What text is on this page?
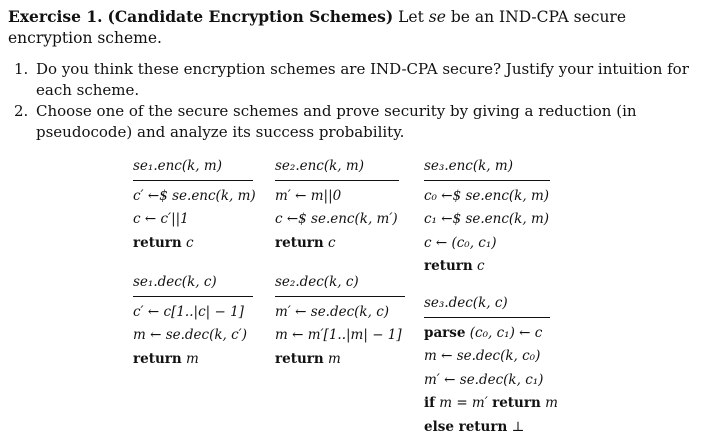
Exercise 1. (Candidate Encryption Schemes) Let se be an IND-CPA secure encryption scheme.
1. Do you think these encryption schemes are IND-CPA secure? Justify your intuition for each scheme.
2. Choose one of the secure schemes and prove security by giving a reduction (in pseudocode) and analyze its success probability.
se₁.enc(k, m)
c′ ←$ se.enc(k, m)
c ← c′||1
return c
se₂.enc(k, m)
m′ ← m||0
c ←$ se.enc(k, m′)
return c
se₃.enc(k, m)
c₀ ←$ se.enc(k, m)
c₁ ←$ se.enc(k, m)
c ← (c₀, c₁)
return c
se₁.dec(k, c)
c′ ← c[1..|c| − 1]
m ← se.dec(k, c′)
return m
se₂.dec(k, c)
m′ ← se.dec(k, c)
m ← m′[1..|m| − 1]
return m
se₃.dec(k, c)
parse (c₀, c₁) ← c
m ← se.dec(k, c₀)
m′ ← se.dec(k, c₁)
if m = m′ return m
else return ⊥
